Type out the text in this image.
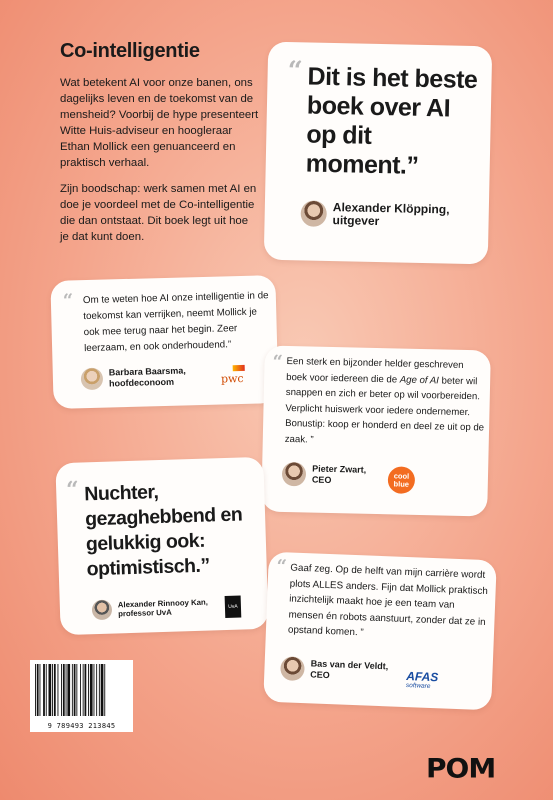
Co-intelligentie

Wat betekent AI voor onze banen, ons dagelijks leven en de toekomst van de mensheid? Voorbij de hype presenteert Witte Huis-adviseur en hoogleraar Ethan Mollick een genuanceerd en praktisch verhaal.

Zijn boodschap: werk samen met AI en doe je voordeel met de Co-intelligentie die dan ontstaat. Dit boek legt uit hoe je dat kunt doen.

“ Dit is het beste boek over AI op dit moment.”
Alexander Klöpping, uitgever
“ Om te weten hoe AI onze intelligentie in de toekomst kan verrijken, neemt Mollick je ook mee terug naar het begin. Zeer leerzaam, en ook onderhoudend.”
Barbara Baarsma, hoofdeconoom	pwc
“ Een sterk en bijzonder helder geschreven boek voor iedereen die de Age of AI beter wil snappen en zich er beter op wil voorbereiden. Verplicht huiswerk voor iedere ondernemer. Bonustip: koop er honderd en deel ze uit op de zaak. ”
Pieter Zwart, CEO	cool blue
“ Nuchter, gezaghebbend en gelukkig ook: optimistisch.”
Alexander Rinnooy Kan, professor UvA
UvA
“ Gaaf zeg. Op de helft van mijn carrière wordt plots ALLES anders. Fijn dat Mollick praktisch inzichtelijk maakt hoe je een team van mensen én robots aanstuurt, zonder dat ze in opstand komen. ”
Bas van der Veldt, CEO	AFAS
software
9 789493 213845
POM
